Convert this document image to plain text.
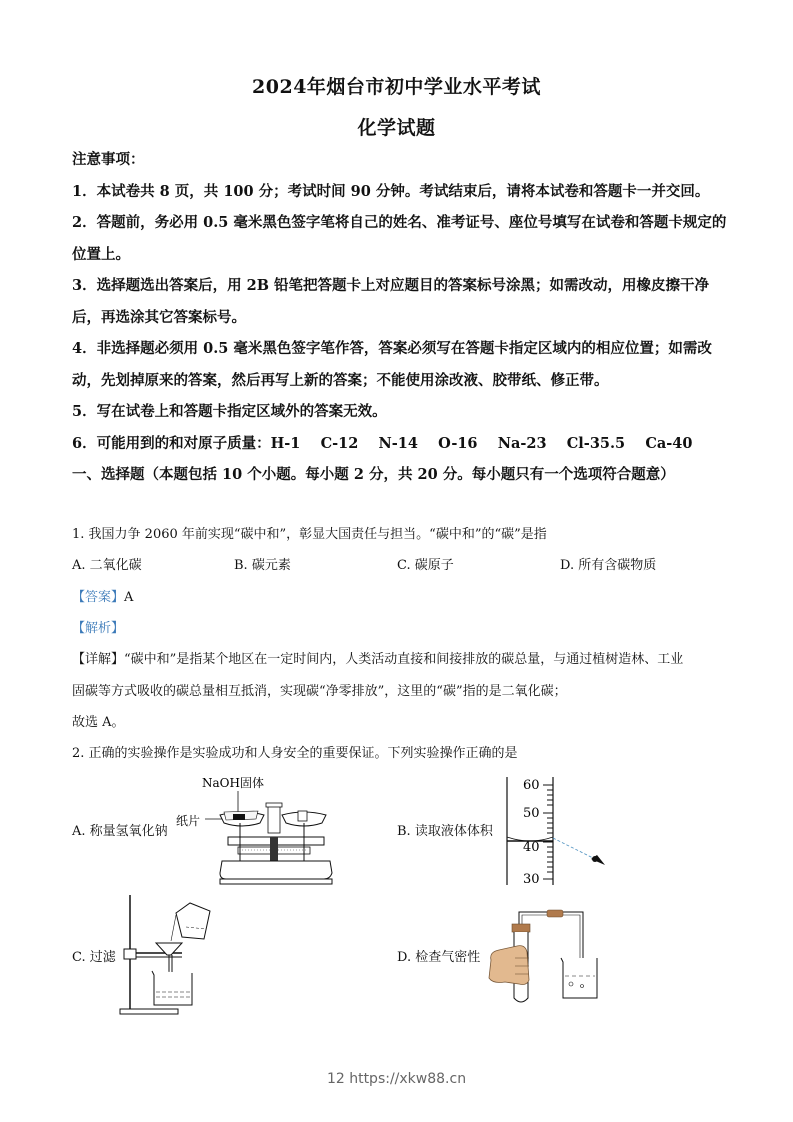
2024年烟台市初中学业水平考试
化学试题

注意事项：

1．本试卷共 8 页，共 100 分；考试时间 90 分钟。考试结束后，请将本试卷和答题卡一并交回。

2．答题前，务必用 0.5 毫米黑色签字笔将自己的姓名、准考证号、座位号填写在试卷和答题卡规定的位置上。

3．选择题选出答案后，用 2B 铅笔把答题卡上对应题目的答案标号涂黑；如需改动，用橡皮擦干净后，再选涂其它答案标号。

4．非选择题必须用 0.5 毫米黑色签字笔作答，答案必须写在答题卡指定区域内的相应位置；如需改动，先划掉原来的答案，然后再写上新的答案；不能使用涂改液、胶带纸、修正带。

5．写在试卷上和答题卡指定区域外的答案无效。

6．可能用到的和对原子质量：H-1    C-12    N-14    O-16    Na-23    Cl-35.5    Ca-40

一、选择题（本题包括 10 个小题。每小题 2 分，共 20 分。每小题只有一个选项符合题意）

1. 我国力争 2060 年前实现“碳中和”，彰显大国责任与担当。“碳中和”的“碳”是指
A. 二氧化碳	B. 碳元素	C. 碳原子	D. 所有含碳物质
【答案】A
【解析】
【详解】“碳中和”是指某个地区在一定时间内，人类活动直接和间接排放的碳总量，与通过植树造林、工业
固碳等方式吸收的碳总量相互抵消，实现碳“净零排放”，这里的“碳”指的是二氧化碳；
故选 A。
2. 正确的实验操作是实验成功和人身安全的重要保证。下列实验操作正确的是
A. 称量氢氧化钠	B. 读取液体体积
C. 过滤	D. 检查气密性
NaOH固体
纸片
60
50
40
30
12 https://xkw88.cn
